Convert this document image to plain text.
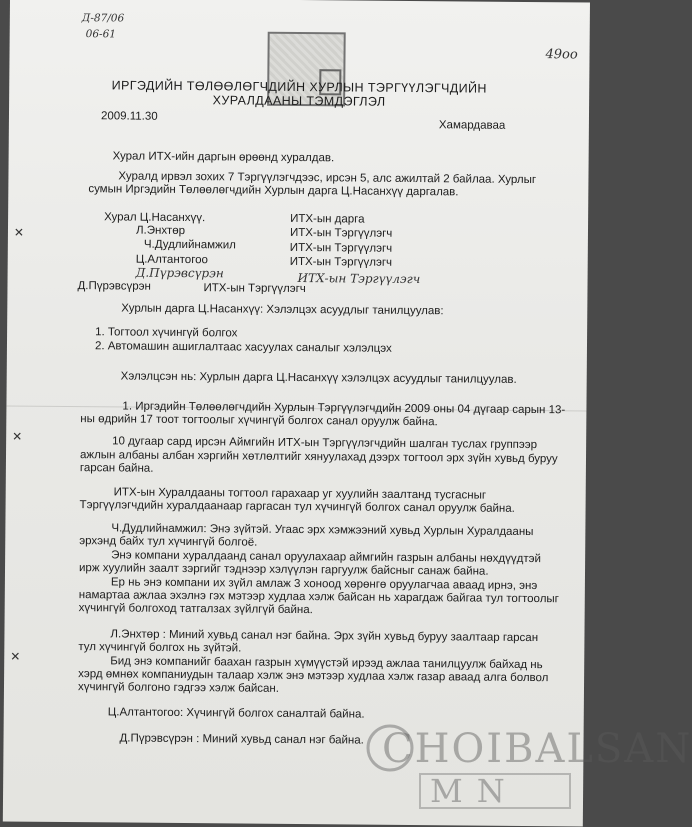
Д-87/06
06-61
49оо
ИРГЭДИЙН ТӨЛӨӨЛӨГЧДИЙН ХУРЛЫН ТЭРГҮҮЛЭГЧДИЙН
ХУРАЛДААНЫ ТЭМДЭГЛЭЛ
2009.11.30
Хамардаваа
Хурал ИТХ-ийн даргын өрөөнд хуралдав.
Хуралд ирвэл зохих 7 Тэргүүлэгчдээс, ирсэн 5, алс ажилтай 2 байлаа. Хурлыг
сумын Иргэдийн Төлөөлөгчдийн Хурлын дарга Ц.Насанхүү даргалав.
Хурал Ц.Насанхүү.	ИТХ-ын дарга
Л.Энхтөр	ИТХ-ын Тэргүүлэгч
Ч.Дудлийнамжил	ИТХ-ын Тэргүүлэгч
Ц.Алтантогоо	ИТХ-ын Тэргүүлэгч
Д.Пүрэвсүрэн	ИТХ-ын Тэргүүлэгч
Д.Пүрэвсүрэн	ИТХ-ын Тэргүүлэгч
Хурлын дарга Ц.Насанхүү: Хэлэлцэх асуудлыг танилцуулав:
1. Тогтоол хүчингүй болгох
2. Автомашин ашиглалтаас хасуулах саналыг хэлэлцэх
Хэлэлцсэн нь: Хурлын дарга Ц.Насанхүү хэлэлцэх асуудлыг танилцуулав.
1. Иргэдийн Төлөөлөгчдийн Хурлын Тэргүүлэгчдийн 2009 оны 04 дүгаар сарын 13-
ны өдрийн 17 тоот тогтоолыг хүчингүй болгох санал оруулж байна.
10 дугаар сард ирсэн Аймгийн ИТХ-ын Тэргүүлэгчдийн шалган туслах группээр
ажлын албаны албан хэргийн хөтлөлтийг хянуулахад дээрх тогтоол эрх зүйн хувьд буруу
гарсан байна.
ИТХ-ын Хуралдааны тогтоол гарахаар уг хуулийн заалтанд тусгасныг
Тэргүүлэгчдийн хуралдаанаар гаргасан тул хүчингүй болгох санал оруулж байна.
Ч.Дудлийнамжил: Энэ зүйтэй. Угаас эрх хэмжээний хувьд Хурлын Хуралдааны
эрхэнд байх тул хүчингүй болгоё.
Энэ компани хуралдаанд санал оруулахаар аймгийн газрын албаны нөхдүүдтэй
ирж хуулийн заалт зэргийг тэднээр хэлүүлэн гаргуулж байсныг санаж байна.
Ер нь энэ компани их зүйл амлаж 3 хоноод хөрөнгө оруулагчаа аваад ирнэ, энэ
намартаа ажлаа эхэлнэ гэх мэтээр худлаа хэлж байсан нь харагдаж байгаа тул тогтоолыг
хүчингүй болгоход татгалзах зүйлгүй байна.
Л.Энхтөр : Миний хувьд санал нэг байна. Эрх зүйн хувьд буруу заалтаар гарсан
тул хүчингүй болгох нь зүйтэй.
Бид энэ компанийг баахан газрын хүмүүстэй ирээд ажлаа танилцуулж байхад нь
хэрд өмнөх компаниудын талаар хэлж энэ мэтээр худлаа хэлж газар аваад алга болвол
хүчингүй болгоно гэдгээ хэлж байсан.
Ц.Алтантогоо: Хүчингүй болгох саналтай байна.
Д.Пүрэвсүрэн : Миний хувьд санал нэг байна.
✕
✕
✕
CHOIBALSAN
MN
